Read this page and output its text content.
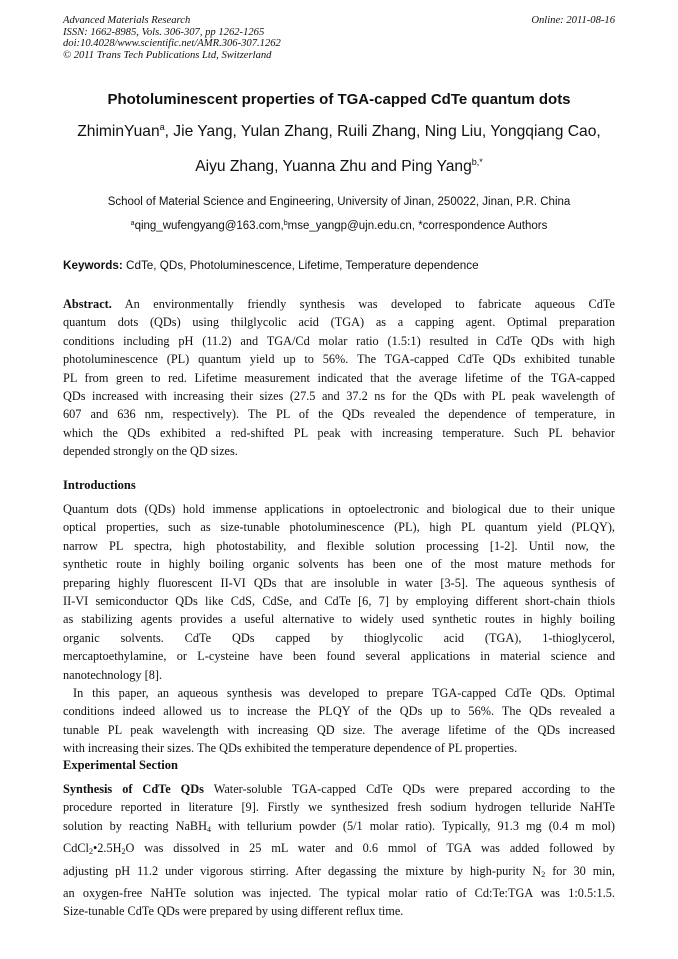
Advanced Materials Research
ISSN: 1662-8985, Vols. 306-307, pp 1262-1265
doi:10.4028/www.scientific.net/AMR.306-307.1262
© 2011 Trans Tech Publications Ltd, Switzerland
Online: 2011-08-16
Photoluminescent properties of TGA-capped CdTe quantum dots
ZhiminYuan$^a$, Jie Yang, Yulan Zhang, Ruili Zhang, Ning Liu, Yongqiang Cao,
Aiyu Zhang, Yuanna Zhu and Ping Yang$^{b,*}$
School of Material Science and Engineering, University of Jinan, 250022, Jinan, P.R. China
$^a$qing_wufengyang@163.com,$^b$mse_yangp@ujn.edu.cn, *correspondence Authors
Keywords: CdTe, QDs, Photoluminescence, Lifetime, Temperature dependence
Abstract. An environmentally friendly synthesis was developed to fabricate aqueous CdTe
quantum dots (QDs) using thilglycolic acid (TGA) as a capping agent. Optimal preparation
conditions including pH (11.2) and TGA/Cd molar ratio (1.5:1) resulted in CdTe QDs with high
photoluminescence (PL) quantum yield up to 56%. The TGA-capped CdTe QDs exhibited tunable
PL from green to red. Lifetime measurement indicated that the average lifetime of the TGA-capped
QDs increased with increasing their sizes (27.5 and 37.2 ns for the QDs with PL peak wavelength of
607 and 636 nm, respectively). The PL of the QDs revealed the dependence of temperature, in
which the QDs exhibited a red-shifted PL peak with increasing temperature. Such PL behavior
depended strongly on the QD sizes.
Introductions
Quantum dots (QDs) hold immense applications in optoelectronic and biological due to their unique
optical properties, such as size-tunable photoluminescence (PL), high PL quantum yield (PLQY),
narrow PL spectra, high photostability, and flexible solution processing [1-2]. Until now, the
synthetic route in highly boiling organic solvents has been one of the most mature methods for
preparing highly fluorescent II-VI QDs that are insoluble in water [3-5]. The aqueous synthesis of
II-VI semiconductor QDs like CdS, CdSe, and CdTe [6, 7] by employing different short-chain thiols
as stabilizing agents provides a useful alternative to widely used synthetic routes in highly boiling
organic solvents. CdTe QDs capped by thioglycolic acid (TGA), 1-thioglycerol,
mercaptoethylamine, or L-cysteine have been found several applications in material science and
nanotechnology [8].
In this paper, an aqueous synthesis was developed to prepare TGA-capped CdTe QDs. Optimal
conditions indeed allowed us to increase the PLQY of the QDs up to 56%. The QDs revealed a
tunable PL peak wavelength with increasing QD size. The average lifetime of the QDs increased
with increasing their sizes. The QDs exhibited the temperature dependence of PL properties.
Experimental Section
Synthesis of CdTe QDs Water-soluble TGA-capped CdTe QDs were prepared according to the
procedure reported in literature [9]. Firstly we synthesized fresh sodium hydrogen telluride NaHTe
solution by reacting NaBH$_4$ with tellurium powder (5/1 molar ratio). Typically, 91.3 mg (0.4 m mol)
$CdCl_2•2.5H_2O$ was dissolved in 25 mL water and 0.6 mmol of TGA was added followed by
adjusting pH 11.2 under vigorous stirring. After degassing the mixture by high-purity $N_2$ for 30 min,
an oxygen-free NaHTe solution was injected. The typical molar ratio of Cd:Te:TGA was 1:0.5:1.5.
Size-tunable CdTe QDs were prepared by using different reflux time.
